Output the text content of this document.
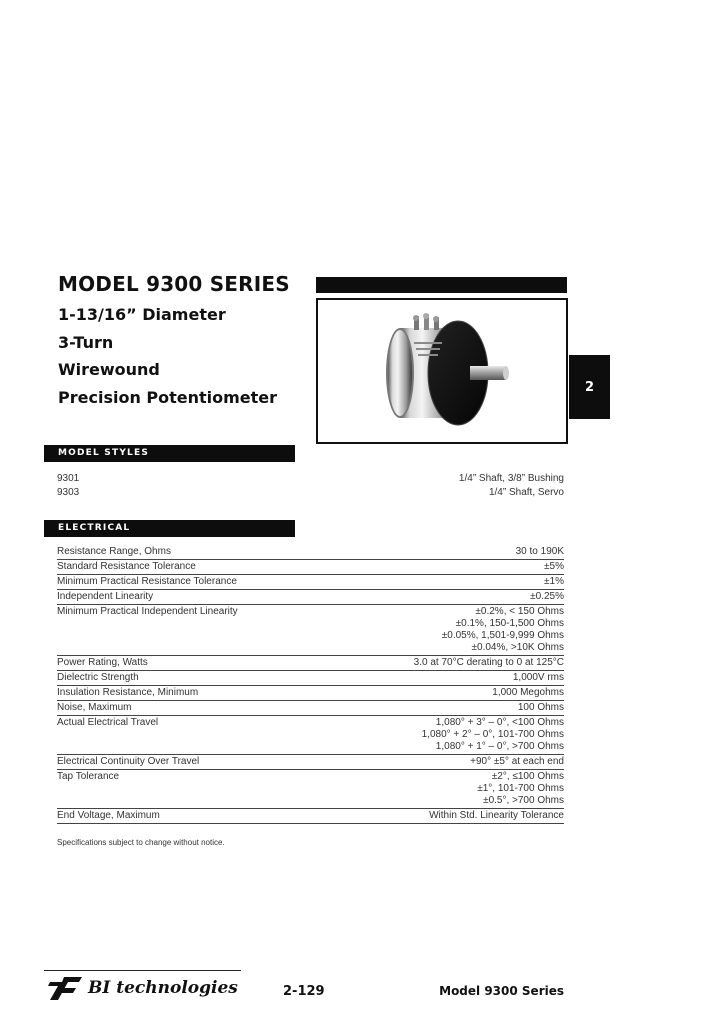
MODEL 9300 SERIES
1-13/16” Diameter
3-Turn
Wirewound
Precision Potentiometer
2
MODEL STYLES
9301	1/4” Shaft, 3/8” Bushing
9303	1/4” Shaft, Servo
ELECTRICAL
Resistance Range, Ohms	30 to 190K
Standard Resistance Tolerance	±5%
Minimum Practical Resistance Tolerance	±1%
Independent Linearity	±0.25%
Minimum Practical Independent Linearity	±0.2%, < 150 Ohms
±0.1%, 150-1,500 Ohms
±0.05%, 1,501-9,999 Ohms
±0.04%, >10K Ohms
Power Rating, Watts	3.0 at 70°C derating to 0 at 125°C
Dielectric Strength	1,000V rms
Insulation Resistance, Minimum	1,000 Megohms
Noise, Maximum	100 Ohms
Actual Electrical Travel	1,080° + 3° – 0°, <100 Ohms
1,080° + 2° – 0°, 101-700 Ohms
1,080° + 1° – 0°, >700 Ohms
Electrical Continuity Over Travel	+90° ±5° at each end
Tap Tolerance	±2°, ≤100 Ohms
±1°, 101-700 Ohms
±0.5°, >700 Ohms
End Voltage, Maximum	Within Std. Linearity Tolerance
Specifications subject to change without notice.
BI technologies	2-129	Model 9300 Series
